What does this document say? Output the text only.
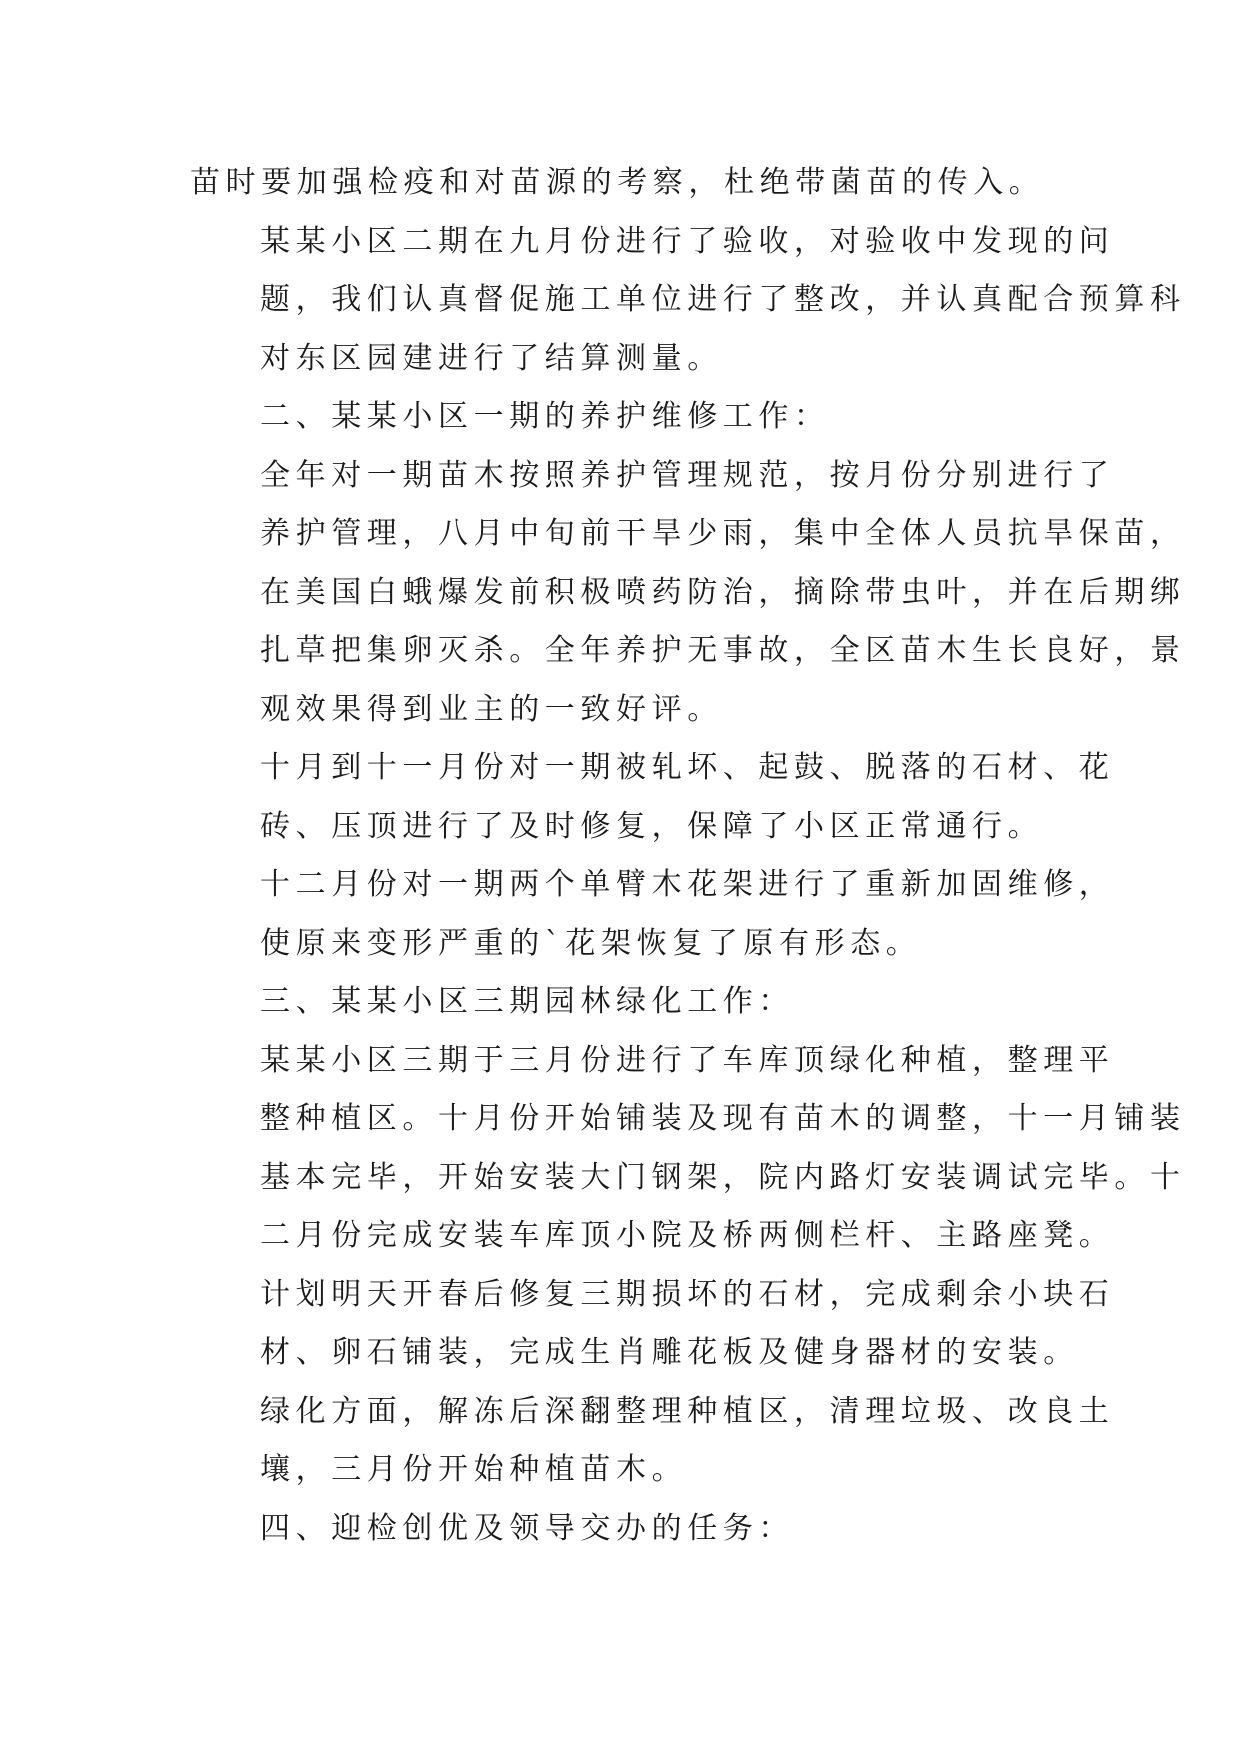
苗时要加强检疫和对苗源的考察，杜绝带菌苗的传入。
某某小区二期在九月份进行了验收，对验收中发现的问
题，我们认真督促施工单位进行了整改，并认真配合预算科
对东区园建进行了结算测量。
二、某某小区一期的养护维修工作：
全年对一期苗木按照养护管理规范，按月份分别进行了
养护管理，八月中旬前干旱少雨，集中全体人员抗旱保苗，
在美国白蛾爆发前积极喷药防治，摘除带虫叶，并在后期绑
扎草把集卵灭杀。全年养护无事故，全区苗木生长良好，景
观效果得到业主的一致好评。
十月到十一月份对一期被轧坏、起鼓、脱落的石材、花
砖、压顶进行了及时修复，保障了小区正常通行。
十二月份对一期两个单臂木花架进行了重新加固维修，
使原来变形严重的`花架恢复了原有形态。
三、某某小区三期园林绿化工作：
某某小区三期于三月份进行了车库顶绿化种植，整理平
整种植区。十月份开始铺装及现有苗木的调整，十一月铺装
基本完毕，开始安装大门钢架，院内路灯安装调试完毕。十
二月份完成安装车库顶小院及桥两侧栏杆、主路座凳。
计划明天开春后修复三期损坏的石材，完成剩余小块石
材、卵石铺装，完成生肖雕花板及健身器材的安装。
绿化方面，解冻后深翻整理种植区，清理垃圾、改良土
壤，三月份开始种植苗木。
四、迎检创优及领导交办的任务：
